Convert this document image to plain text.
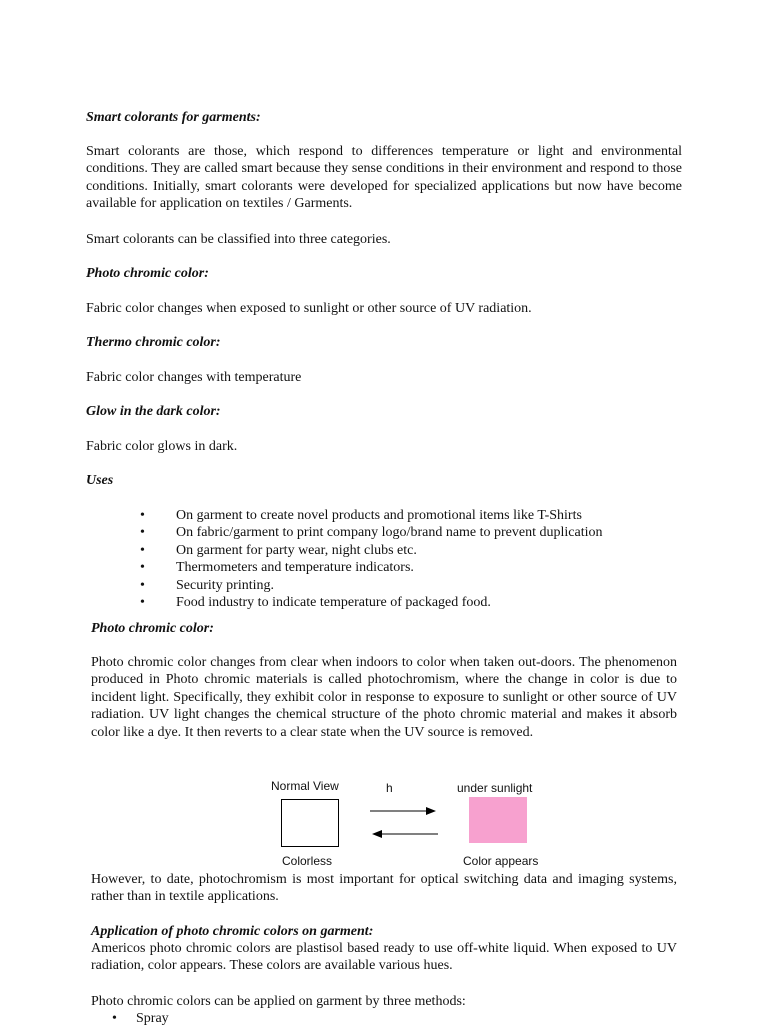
Smart colorants for garments:

Smart colorants are those, which respond to differences temperature or light and environmental conditions. They are called smart because they sense conditions in their environment and respond to those conditions. Initially, smart colorants were developed for specialized applications but now have become available for application on textiles / Garments.

Smart colorants can be classified into three categories.

Photo chromic color:

Fabric color changes when exposed to sunlight or other source of UV radiation.

Thermo chromic color:

Fabric color changes with temperature

Glow in the dark color:

Fabric color glows in dark.

Uses

• On garment to create novel products and promotional items like T-Shirts
• On fabric/garment to print company logo/brand name to prevent duplication
• On garment for party wear, night clubs etc.
• Thermometers and temperature indicators.
• Security printing.
• Food industry to indicate temperature of packaged food.

Photo chromic color:

Photo chromic color changes from clear when indoors to color when taken out-doors. The phenomenon produced in Photo chromic materials is called photochromism, where the change in color is due to incident light. Specifically, they exhibit color in response to exposure to sunlight or other source of UV radiation. UV light changes the chemical structure of the photo chromic material and makes it absorb color like a dye. It then reverts to a clear state when the UV source is removed.

Normal View	h	under sunlight
Colorless	Color appears

However, to date, photochromism is most important for optical switching data and imaging systems, rather than in textile applications.

Application of photo chromic colors on garment:

Americos photo chromic colors are plastisol based ready to use off-white liquid. When exposed to UV radiation, color appears. These colors are available various hues.

Photo chromic colors can be applied on garment by three methods:

• Spray
